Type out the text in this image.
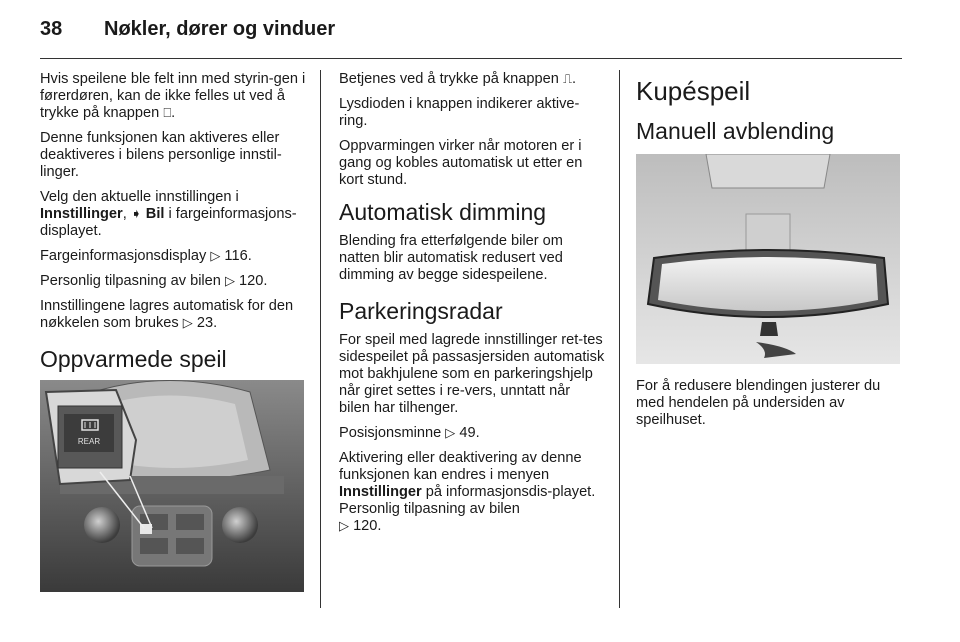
38	Nøkler, dører og vinduer

Hvis speilene ble felt inn med styrin-gen i førerdøren, kan de ikke felles ut ved å trykke på knappen ⎕.

Denne funksjonen kan aktiveres eller deaktiveres i bilens personlige innstil-linger.

Velg den aktuelle innstillingen i
Innstillinger, ➧ Bil i fargeinformasjons-displayet.

Fargeinformasjonsdisplay ▷ 116.

Personlig tilpasning av bilen ▷ 120.

Innstillingene lagres automatisk for den nøkkelen som brukes ▷ 23.

Oppvarmede speil
REAR

Betjenes ved å trykke på knappen ⎍.

Lysdioden i knappen indikerer aktive-ring.

Oppvarmingen virker når motoren er i gang og kobles automatisk ut etter en kort stund.

Automatisk dimming

Blending fra etterfølgende biler om natten blir automatisk redusert ved dimming av begge sidespeilene.

Parkeringsradar

For speil med lagrede innstillinger ret-tes sidespeilet på passasjersiden automatisk mot bakhjulene som en parkeringshjelp når giret settes i re-vers, unntatt når bilen har tilhenger.

Posisjonsminne ▷ 49.

Aktivering eller deaktivering av denne funksjonen kan endres i menyen
Innstillinger på informasjonsdis-playet. Personlig tilpasning av bilen
▷ 120.

Kupéspeil
Manuell avblending

For å redusere blendingen justerer du med hendelen på undersiden av speilhuset.
